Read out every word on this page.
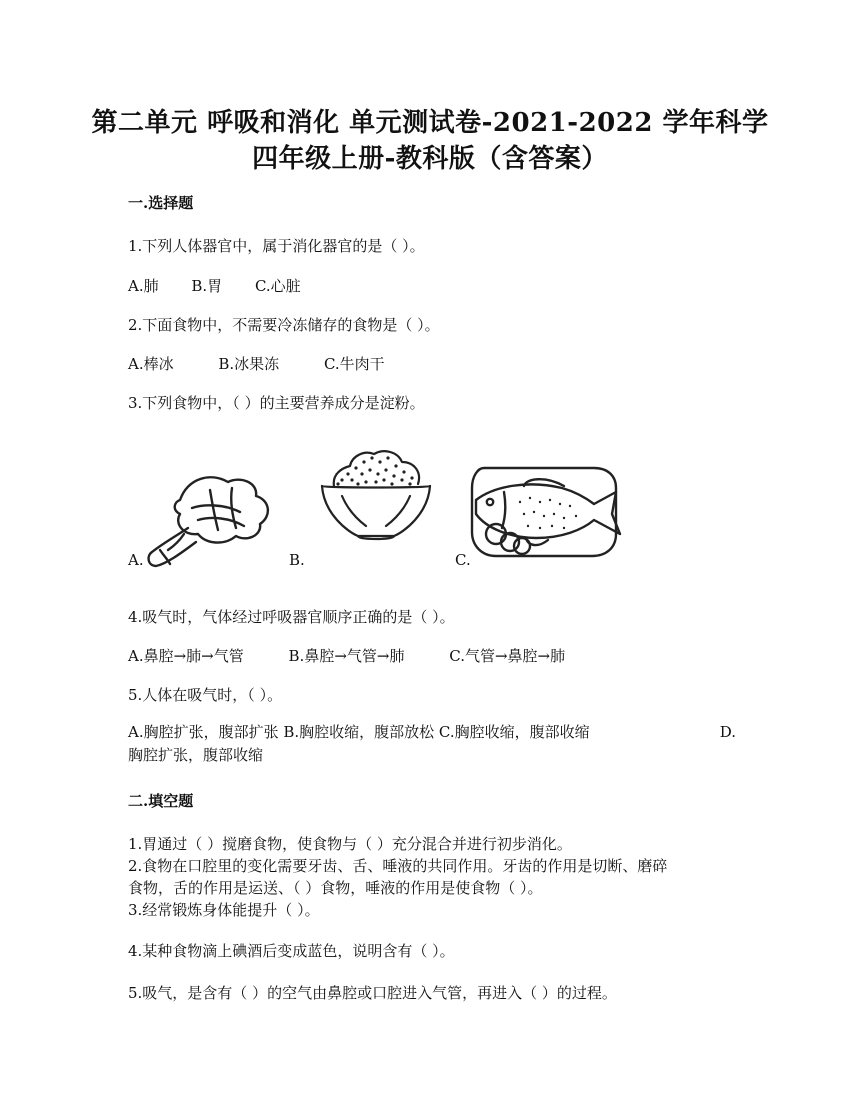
第二单元 呼吸和消化 单元测试卷-2021-2022 学年科学
四年级上册-教科版（含答案）
一.选择题
1.下列人体器官中，属于消化器官的是（ ）。
A.肺 B.胃 C.心脏
2.下面食物中，不需要冷冻储存的食物是（ ）。
A.棒冰	B.冰果冻	C.牛肉干
3.下列食物中，（ ）的主要营养成分是淀粉。
A.	B.	C.
4.吸气时，气体经过呼吸器官顺序正确的是（ ）。
A.鼻腔→肺→气管	B.鼻腔→气管→肺	C.气管→鼻腔→肺
5.人体在吸气时，（ ）。
A.胸腔扩张，腹部扩张 B.胸腔收缩，腹部放松 C.胸腔收缩，腹部收缩	D.
胸腔扩张，腹部收缩
二.填空题
1.胃通过（ ）搅磨食物，使食物与（ ）充分混合并进行初步消化。
2.食物在口腔里的变化需要牙齿、舌、唾液的共同作用。牙齿的作用是切断、磨碎
食物，舌的作用是运送、（ ）食物，唾液的作用是使食物（ ）。
3.经常锻炼身体能提升（ ）。
4.某种食物滴上碘酒后变成蓝色，说明含有（ ）。
5.吸气，是含有（ ）的空气由鼻腔或口腔进入气管，再进入（ ）的过程。
